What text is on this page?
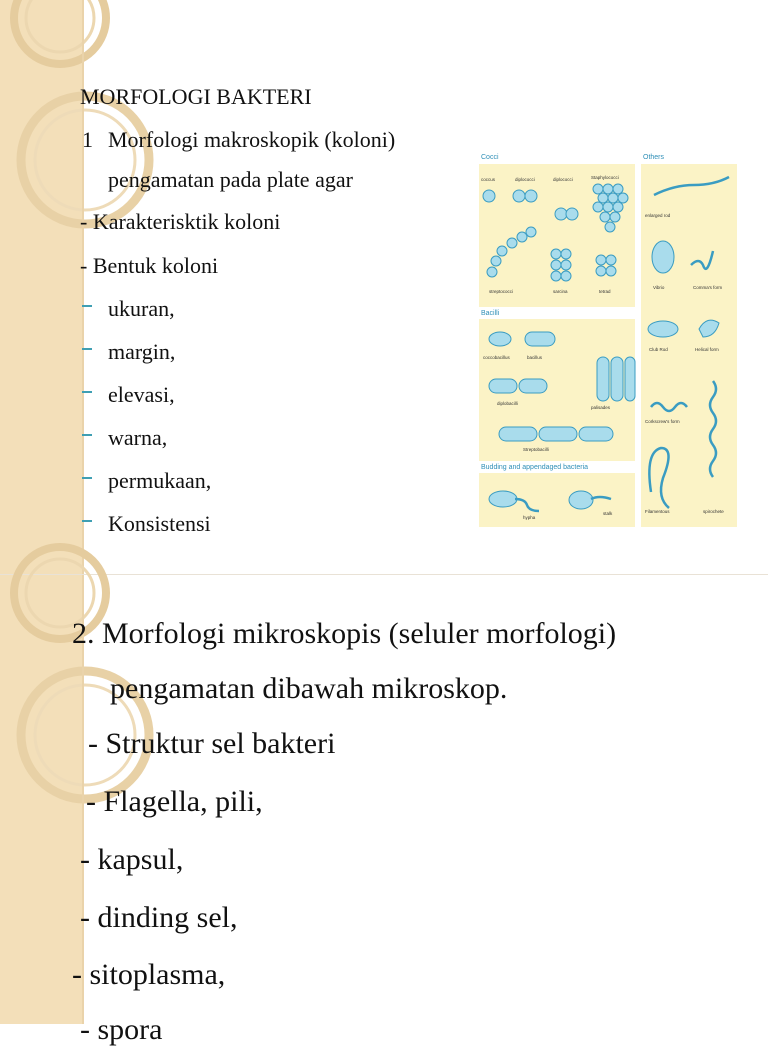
MORFOLOGI BAKTERI
1 Morfologi makroskopik (koloni)
pengamatan pada plate agar
- Karakterisktik koloni
- Bentuk koloni
ukuran,
margin,
elevasi,
warna,
permukaan,
Konsistensi
Cocci	Others
Bacilli
Budding and appendaged bacteria
coccus	diplococci	diplococci	Staphylococci
streptococci	sarcina	tetrad
enlarged rod
Vibrio	Comma's form
Club Rod	Helical form
Corkscrew's form
Filamentous	spirochete
coccobacillus	bacillus
diplobacilli
palisades
Streptobacilli
hypha
stalk
2. Morfologi mikroskopis (seluler morfologi)
pengamatan dibawah mikroskop.
- Struktur sel bakteri
- Flagella, pili,
- kapsul,
- dinding sel,
- sitoplasma,
- spora
